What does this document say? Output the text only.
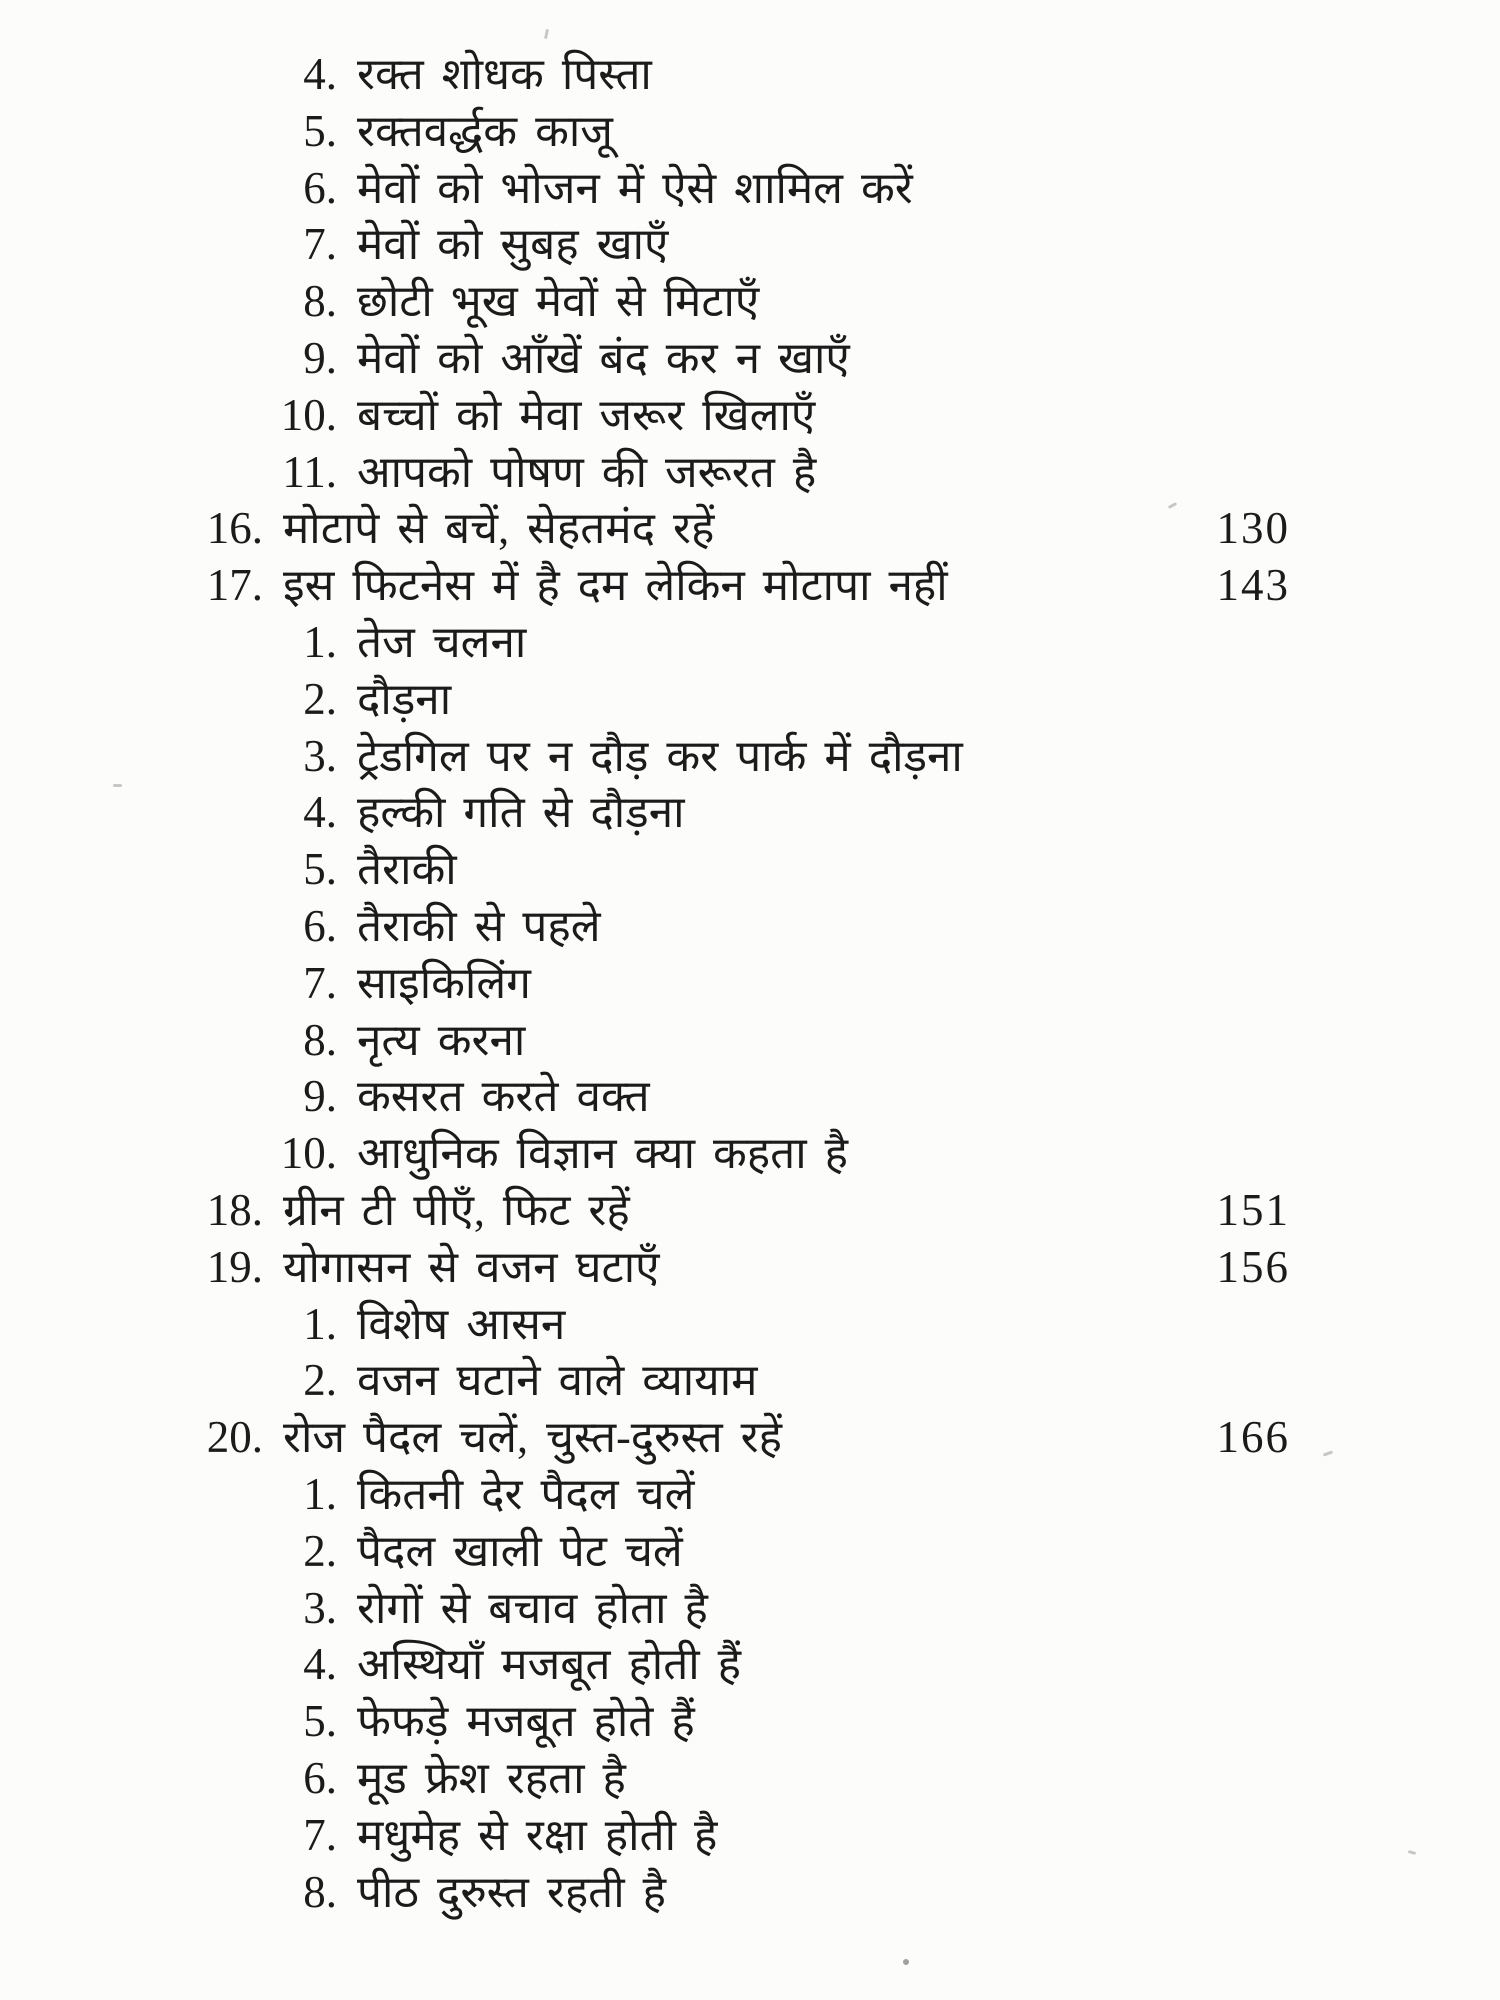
4. रक्त शोधक पिस्ता
5. रक्तवर्द्धक काजू
6. मेवों को भोजन में ऐसे शामिल करें
7. मेवों को सुबह खाएँ
8. छोटी भूख मेवों से मिटाएँ
9. मेवों को आँखें बंद कर न खाएँ
10. बच्चों को मेवा जरूर खिलाएँ
11. आपको पोषण की जरूरत है
16. मोटापे से बचें, सेहतमंद रहें	130
17. इस फिटनेस में है दम लेकिन मोटापा नहीं	143
1. तेज चलना
2. दौड़ना
3. ट्रेडगिल पर न दौड़ कर पार्क में दौड़ना
4. हल्की गति से दौड़ना
5. तैराकी
6. तैराकी से पहले
7. साइकिलिंग
8. नृत्य करना
9. कसरत करते वक्त
10. आधुनिक विज्ञान क्या कहता है
18. ग्रीन टी पीएँ, फिट रहें	151
19. योगासन से वजन घटाएँ	156
1. विशेष आसन
2. वजन घटाने वाले व्यायाम
20. रोज पैदल चलें, चुस्त-दुरुस्त रहें	166
1. कितनी देर पैदल चलें
2. पैदल खाली पेट चलें
3. रोगों से बचाव होता है
4. अस्थियाँ मजबूत होती हैं
5. फेफड़े मजबूत होते हैं
6. मूड फ्रेश रहता है
7. मधुमेह से रक्षा होती है
8. पीठ दुरुस्त रहती है
